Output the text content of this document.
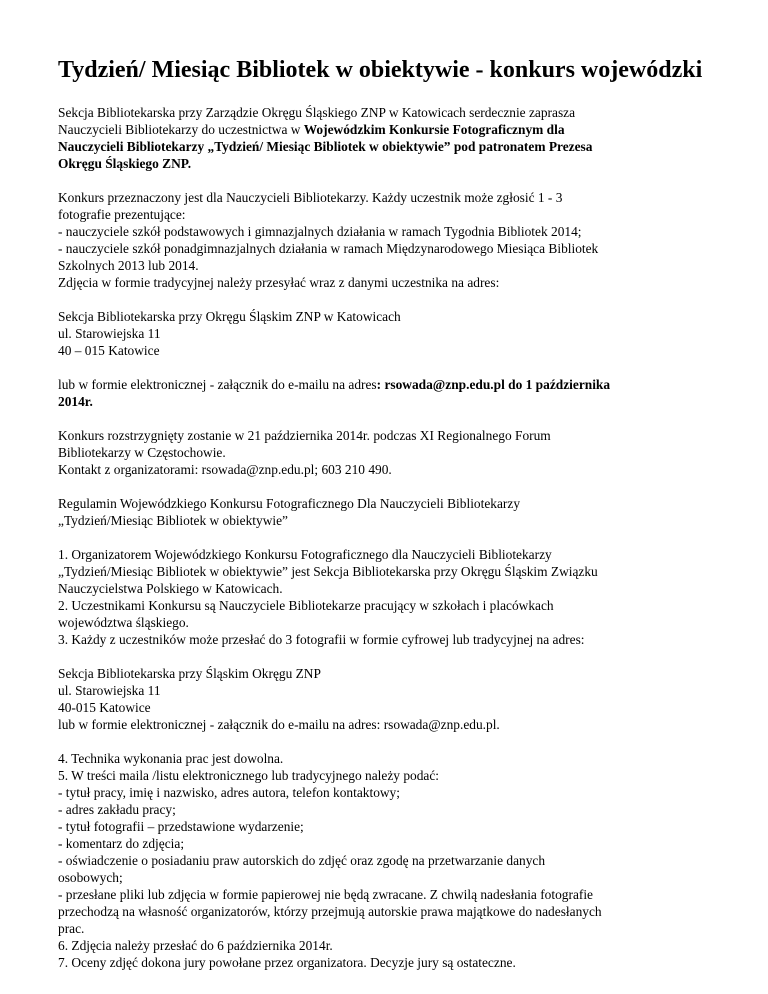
Tydzień/ Miesiąc Bibliotek w obiektywie - konkurs wojewódzki
Sekcja Bibliotekarska przy Zarządzie Okręgu Śląskiego ZNP w Katowicach serdecznie zaprasza
Nauczycieli Bibliotekarzy do uczestnictwa w Wojewódzkim Konkursie Fotograficznym dla
Nauczycieli Bibliotekarzy „Tydzień/ Miesiąc Bibliotek w obiektywie” pod patronatem Prezesa
Okręgu Śląskiego ZNP.
Konkurs przeznaczony jest dla Nauczycieli Bibliotekarzy. Każdy uczestnik może zgłosić 1 - 3
fotografie prezentujące:
- nauczyciele szkół podstawowych i gimnazjalnych działania w ramach Tygodnia Bibliotek 2014;
- nauczyciele szkół ponadgimnazjalnych działania w ramach Międzynarodowego Miesiąca Bibliotek
Szkolnych 2013 lub 2014.
Zdjęcia w formie tradycyjnej należy przesyłać wraz z danymi uczestnika na adres:
Sekcja Bibliotekarska przy Okręgu Śląskim ZNP w Katowicach
ul. Starowiejska 11
40 – 015 Katowice
lub w formie elektronicznej - załącznik do e-mailu na adres: rsowada@znp.edu.pl do 1 października
2014r.
Konkurs rozstrzygnięty zostanie w 21 października 2014r. podczas XI Regionalnego Forum
Bibliotekarzy w Częstochowie.
Kontakt z organizatorami: rsowada@znp.edu.pl; 603 210 490.
Regulamin Wojewódzkiego Konkursu Fotograficznego Dla Nauczycieli Bibliotekarzy
„Tydzień/Miesiąc Bibliotek w obiektywie”
1. Organizatorem Wojewódzkiego Konkursu Fotograficznego dla Nauczycieli Bibliotekarzy
„Tydzień/Miesiąc Bibliotek w obiektywie” jest Sekcja Bibliotekarska przy Okręgu Śląskim Związku
Nauczycielstwa Polskiego w Katowicach.
2. Uczestnikami Konkursu są Nauczyciele Bibliotekarze pracujący w szkołach i placówkach
województwa śląskiego.
3. Każdy z uczestników może przesłać do 3 fotografii w formie cyfrowej lub tradycyjnej na adres:
Sekcja Bibliotekarska przy Śląskim Okręgu ZNP
ul. Starowiejska 11
40-015 Katowice
lub w formie elektronicznej - załącznik do e-mailu na adres: rsowada@znp.edu.pl.
4. Technika wykonania prac jest dowolna.
5. W treści maila /listu elektronicznego lub tradycyjnego należy podać:
- tytuł pracy, imię i nazwisko, adres autora, telefon kontaktowy;
- adres zakładu pracy;
- tytuł fotografii – przedstawione wydarzenie;
- komentarz do zdjęcia;
- oświadczenie o posiadaniu praw autorskich do zdjęć oraz zgodę na przetwarzanie danych
osobowych;
- przesłane pliki lub zdjęcia w formie papierowej nie będą zwracane. Z chwilą nadesłania fotografie
przechodzą na własność organizatorów, którzy przejmują autorskie prawa majątkowe do nadesłanych
prac.
6. Zdjęcia należy przesłać do 6 października 2014r.
7. Oceny zdjęć dokona jury powołane przez organizatora. Decyzje jury są ostateczne.
